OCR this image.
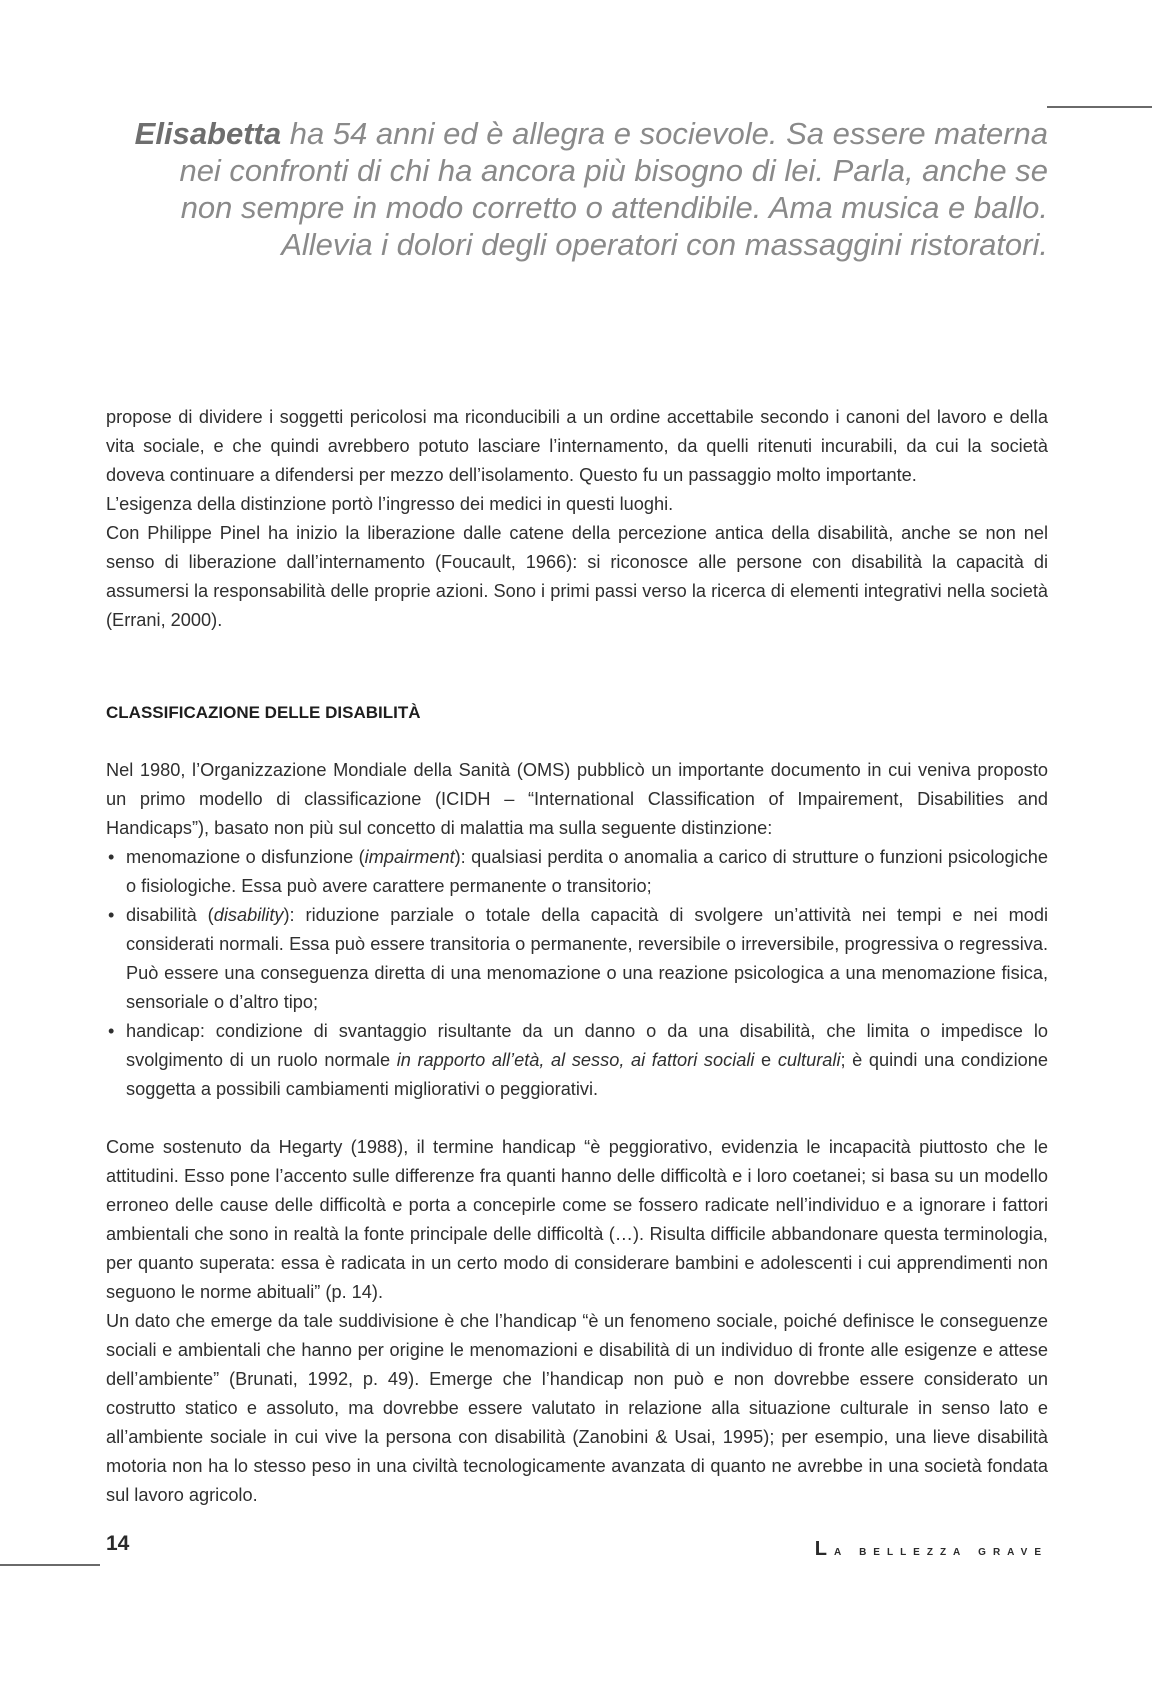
Elisabetta ha 54 anni ed è allegra e socievole. Sa essere materna nei confronti di chi ha ancora più bisogno di lei. Parla, anche se non sempre in modo corretto o attendibile. Ama musica e ballo. Allevia i dolori degli operatori con massaggini ristoratori.

propose di dividere i soggetti pericolosi ma riconducibili a un ordine accettabile secondo i canoni del lavoro e della vita sociale, e che quindi avrebbero potuto lasciare l’internamento, da quelli ritenuti incurabili, da cui la società doveva continuare a difendersi per mezzo dell’isolamento. Questo fu un passaggio molto importante.

L’esigenza della distinzione portò l’ingresso dei medici in questi luoghi.

Con Philippe Pinel ha inizio la liberazione dalle catene della percezione antica della disabilità, anche se non nel senso di liberazione dall’internamento (Foucault, 1966): si riconosce alle persone con disabilità la capacità di assumersi la responsabilità delle proprie azioni. Sono i primi passi verso la ricerca di elementi integrativi nella società (Errani, 2000).

CLASSIFICAZIONE DELLE DISABILITÀ

Nel 1980, l’Organizzazione Mondiale della Sanità (OMS) pubblicò un importante documento in cui veniva proposto un primo modello di classificazione (ICIDH – “International Classification of Impairement, Disabilities and Handicaps”), basato non più sul concetto di malattia ma sulla seguente distinzione:

• menomazione o disfunzione (impairment): qualsiasi perdita o anomalia a carico di strutture o funzioni psicologiche o fisiologiche. Essa può avere carattere permanente o transitorio;
• disabilità (disability): riduzione parziale o totale della capacità di svolgere un’attività nei tempi e nei modi considerati normali. Essa può essere transitoria o permanente, reversibile o irreversibile, progressiva o regressiva. Può essere una conseguenza diretta di una menomazione o una reazione psicologica a una menomazione fisica, sensoriale o d’altro tipo;
• handicap: condizione di svantaggio risultante da un danno o da una disabilità, che limita o impedisce lo svolgimento di un ruolo normale in rapporto all’età, al sesso, ai fattori sociali e culturali; è quindi una condizione soggetta a possibili cambiamenti migliorativi o peggiorativi.

Come sostenuto da Hegarty (1988), il termine handicap “è peggiorativo, evidenzia le incapacità piuttosto che le attitudini. Esso pone l’accento sulle differenze fra quanti hanno delle difficoltà e i loro coetanei; si basa su un modello erroneo delle cause delle difficoltà e porta a concepirle come se fossero radicate nell’individuo e a ignorare i fattori ambientali che sono in realtà la fonte principale delle difficoltà (…). Risulta difficile abbandonare questa terminologia, per quanto superata: essa è radicata in un certo modo di considerare bambini e adolescenti i cui apprendimenti non seguono le norme abituali” (p. 14).

Un dato che emerge da tale suddivisione è che l’handicap “è un fenomeno sociale, poiché definisce le conseguenze sociali e ambientali che hanno per origine le menomazioni e disabilità di un individuo di fronte alle esigenze e attese dell’ambiente” (Brunati, 1992, p. 49). Emerge che l’handicap non può e non dovrebbe essere considerato un costrutto statico e assoluto, ma dovrebbe essere valutato in relazione alla situazione culturale in senso lato e all’ambiente sociale in cui vive la persona con disabilità (Zanobini & Usai, 1995); per esempio, una lieve disabilità motoria non ha lo stesso peso in una civiltà tecnologicamente avanzata di quanto ne avrebbe in una società fondata sul lavoro agricolo.

14	La bellezza grave
